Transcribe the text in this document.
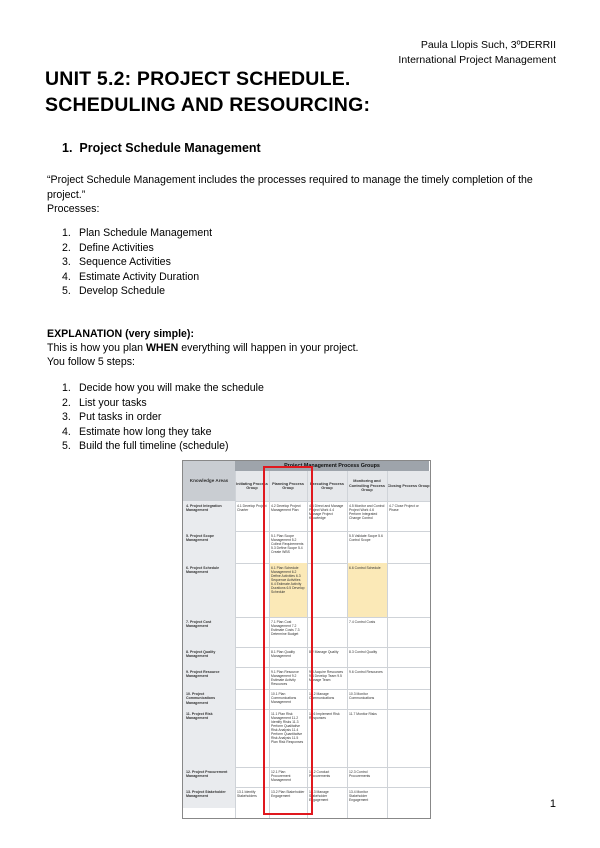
Paula Llopis Such, 3ºDERRII
International Project Management
UNIT 5.2: PROJECT SCHEDULE.
SCHEDULING AND RESOURCING:
1. Project Schedule Management
“Project Schedule Management includes the processes required to manage the timely completion of the
project.”
Processes:
1. Plan Schedule Management
2. Define Activities
3. Sequence Activities
4. Estimate Activity Duration
5. Develop Schedule
EXPLANATION (very simple):
This is how you plan WHEN everything will happen in your project.
You follow 5 steps:
1. Decide how you will make the schedule
2. List your tasks
3. Put tasks in order
4. Estimate how long they take
5. Build the full timeline (schedule)
Project Management Process Groups
Knowledge Areas
Initiating Process Group
Planning Process Group
Executing Process Group
Monitoring and Controlling Process Group
Closing Process Group
4. Project Integration Management
4.1 Develop Project Charter
4.2 Develop Project Management Plan
4.3 Direct and Manage Project Work 4.4 Manage Project Knowledge
4.5 Monitor and Control Project Work 4.6 Perform Integrated Change Control
4.7 Close Project or Phase
5. Project Scope Management
5.1 Plan Scope Management 5.2 Collect Requirements 5.3 Define Scope 5.4 Create WBS
5.5 Validate Scope 5.6 Control Scope
6. Project Schedule Management
6.1 Plan Schedule Management 6.2 Define Activities 6.3 Sequence Activities 6.4 Estimate Activity Durations 6.5 Develop Schedule
6.6 Control Schedule
7. Project Cost Management
7.1 Plan Cost Management 7.2 Estimate Costs 7.3 Determine Budget
7.4 Control Costs
8. Project Quality Management
8.1 Plan Quality Management
8.2 Manage Quality	8.3 Control Quality
9. Project Resource Management
9.1 Plan Resource Management 9.2 Estimate Activity Resources
9.3 Acquire Resources 9.4 Develop Team 9.5 Manage Team
9.6 Control Resources
10. Project Communications Management
10.1 Plan Communications Management
10.2 Manage Communications
10.3 Monitor Communications
11. Project Risk Management
11.1 Plan Risk Management 11.2 Identify Risks 11.3 Perform Qualitative Risk Analysis 11.4 Perform Quantitative Risk Analysis 11.5 Plan Risk Responses
11.6 Implement Risk Responses
11.7 Monitor Risks
12. Project Procurement Management
12.1 Plan Procurement Management
12.2 Conduct Procurements
12.3 Control Procurements
13. Project Stakeholder Management
13.1 Identify Stakeholders
13.2 Plan Stakeholder Engagement
13.3 Manage Stakeholder Engagement
13.4 Monitor Stakeholder Engagement	1
